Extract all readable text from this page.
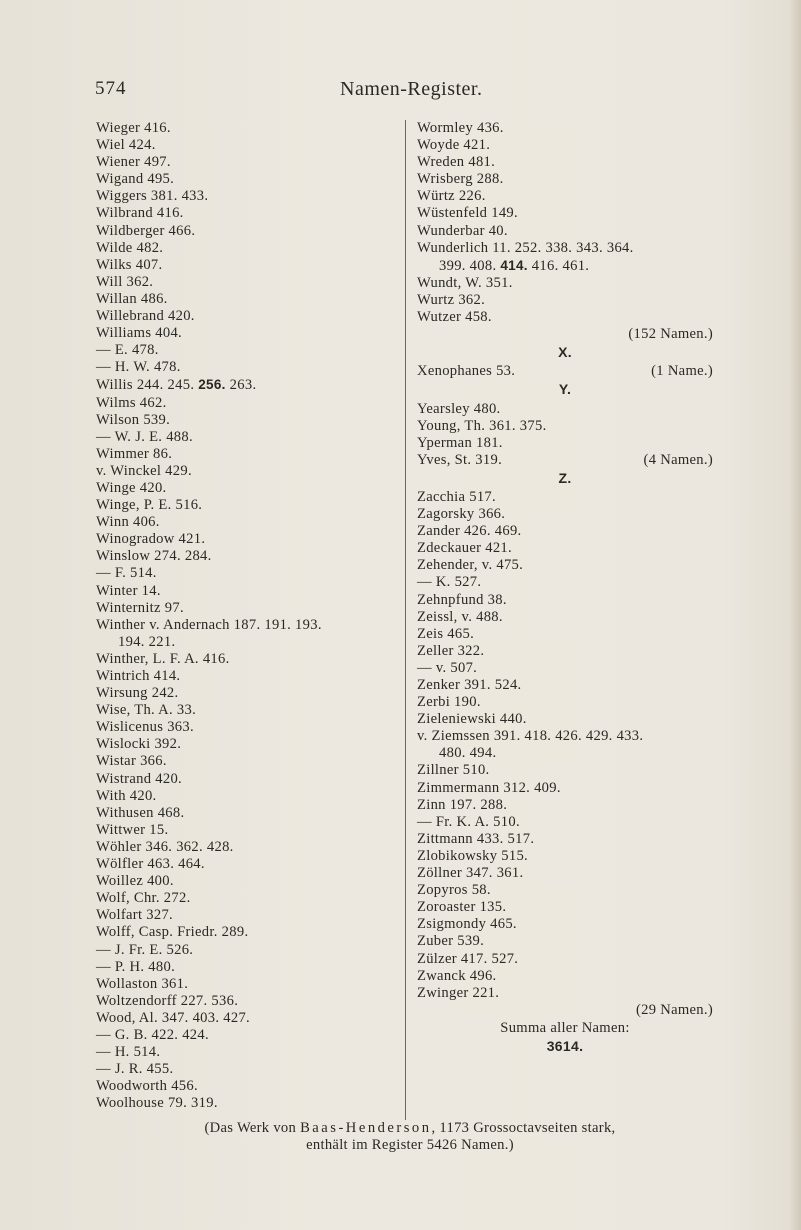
574	Namen-Register.
Wieger 416.
Wiel 424.
Wiener 497.
Wigand 495.
Wiggers 381. 433.
Wilbrand 416.
Wildberger 466.
Wilde 482.
Wilks 407.
Will 362.
Willan 486.
Willebrand 420.
Williams 404.
— E. 478.
— H. W. 478.
Willis 244. 245. 256. 263.
Wilms 462.
Wilson 539.
— W. J. E. 488.
Wimmer 86.
v. Winckel 429.
Winge 420.
Winge, P. E. 516.
Winn 406.
Winogradow 421.
Winslow 274. 284.
— F. 514.
Winter 14.
Winternitz 97.
Winther v. Andernach 187. 191. 193.
194. 221.
Winther, L. F. A. 416.
Wintrich 414.
Wirsung 242.
Wise, Th. A. 33.
Wislicenus 363.
Wislocki 392.
Wistar 366.
Wistrand 420.
With 420.
Withusen 468.
Wittwer 15.
Wöhler 346. 362. 428.
Wölfler 463. 464.
Woillez 400.
Wolf, Chr. 272.
Wolfart 327.
Wolff, Casp. Friedr. 289.
— J. Fr. E. 526.
— P. H. 480.
Wollaston 361.
Woltzendorff 227. 536.
Wood, Al. 347. 403. 427.
— G. B. 422. 424.
— H. 514.
— J. R. 455.
Woodworth 456.
Woolhouse 79. 319.
Wormley 436.
Woyde 421.
Wreden 481.
Wrisberg 288.
Würtz 226.
Wüstenfeld 149.
Wunderbar 40.
Wunderlich 11. 252. 338. 343. 364.
399. 408. 414. 416. 461.
Wundt, W. 351.
Wurtz 362.
Wutzer 458.
(152 Namen.)
X.
Xenophanes 53.	(1 Name.)
Y.
Yearsley 480.
Young, Th. 361. 375.
Yperman 181.
Yves, St. 319.	(4 Namen.)
Z.
Zacchia 517.
Zagorsky 366.
Zander 426. 469.
Zdeckauer 421.
Zehender, v. 475.
— K. 527.
Zehnpfund 38.
Zeissl, v. 488.
Zeis 465.
Zeller 322.
— v. 507.
Zenker 391. 524.
Zerbi 190.
Zieleniewski 440.
v. Ziemssen 391. 418. 426. 429. 433.
480. 494.
Zillner 510.
Zimmermann 312. 409.
Zinn 197. 288.
— Fr. K. A. 510.
Zittmann 433. 517.
Zlobikowsky 515.
Zöllner 347. 361.
Zopyros 58.
Zoroaster 135.
Zsigmondy 465.
Zuber 539.
Zülzer 417. 527.
Zwanck 496.
Zwinger 221.
(29 Namen.)
Summa aller Namen:
3614.
(Das Werk von Baas-Henderson, 1173 Grossoctavseiten stark,
enthält im Register 5426 Namen.)
